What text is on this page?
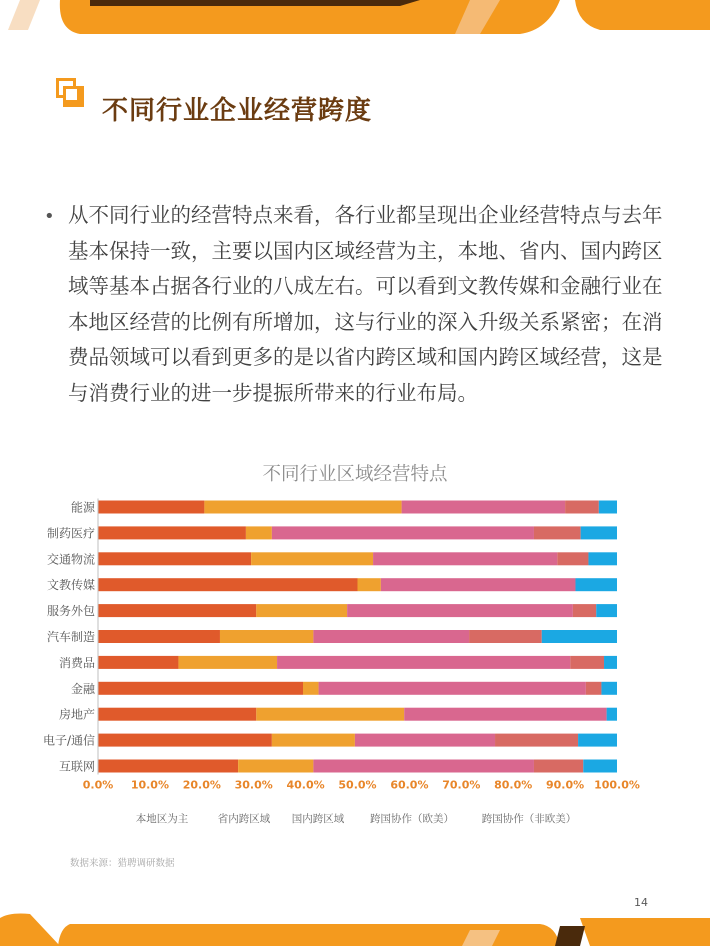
不同行业企业经营跨度
• 从不同行业的经营特点来看，各行业都呈现出企业经营特点与去年基本保持一致，主要以国内区域经营为主，本地、省内、国内跨区域等基本占据各行业的八成左右。可以看到文教传媒和金融行业在本地区经营的比例有所增加，这与行业的深入升级关系紧密；在消费品领域可以看到更多的是以省内跨区域和国内跨区域经营，这是与消费行业的进一步提振所带来的行业布局。
不同行业区域经营特点
能源
制药医疗
交通物流
文教传媒
服务外包
汽车制造
消费品
金融
房地产
电子/通信
互联网
0.0% 10.0% 20.0% 30.0% 40.0% 50.0% 60.0% 70.0% 80.0% 90.0% 100.0%
本地区为主	省内跨区域 国内跨区域 跨国协作（欧美）	跨国协作（非欧美）
数据来源：猎聘调研数据
14
